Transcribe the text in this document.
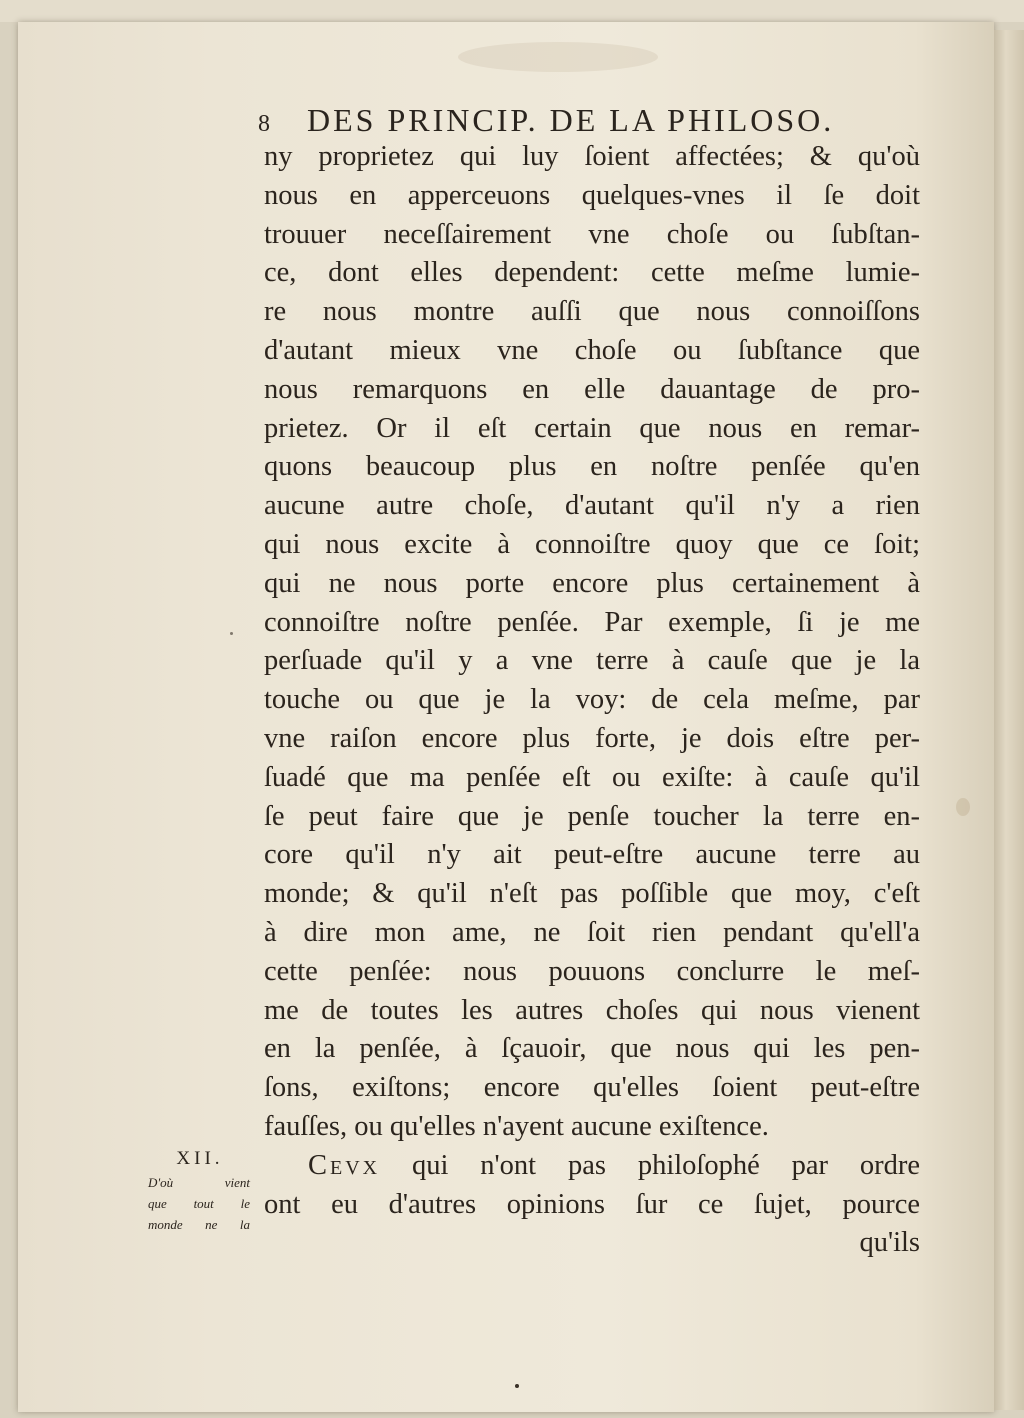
8 DES PRINCIP. DE LA PHILOSO.
ny proprietez qui luy ſoient affectées; & qu'où
nous en apperceuons quelques-vnes il ſe doit
trouuer neceſſairement vne choſe ou ſubſtan-
ce, dont elles dependent: cette meſme lumie-
re nous montre auſſi que nous connoiſſons
d'autant mieux vne choſe ou ſubſtance que
nous remarquons en elle dauantage de pro-
prietez. Or il eſt certain que nous en remar-
quons beaucoup plus en noſtre penſée qu'en
aucune autre choſe, d'autant qu'il n'y a rien
qui nous excite à connoiſtre quoy que ce ſoit;
qui ne nous porte encore plus certainement à
connoiſtre noſtre penſée. Par exemple, ſi je me
perſuade qu'il y a vne terre à cauſe que je la
touche ou que je la voy: de cela meſme, par
vne raiſon encore plus forte, je dois eſtre per-
ſuadé que ma penſée eſt ou exiſte: à cauſe qu'il
ſe peut faire que je penſe toucher la terre en-
core qu'il n'y ait peut-eſtre aucune terre au
monde; & qu'il n'eſt pas poſſible que moy, c'eſt
à dire mon ame, ne ſoit rien pendant qu'ell'a
cette penſée: nous pouuons conclurre le meſ-
me de toutes les autres choſes qui nous vienent
en la penſée, à ſçauoir, que nous qui les pen-
ſons, exiſtons; encore qu'elles ſoient peut-eſtre
fauſſes, ou qu'elles n'ayent aucune exiſtence.
Cevx qui n'ont pas philoſophé par ordre
ont eu d'autres opinions ſur ce ſujet, pource
qu'ils
XII.
D'où vient
que tout le
monde ne la
